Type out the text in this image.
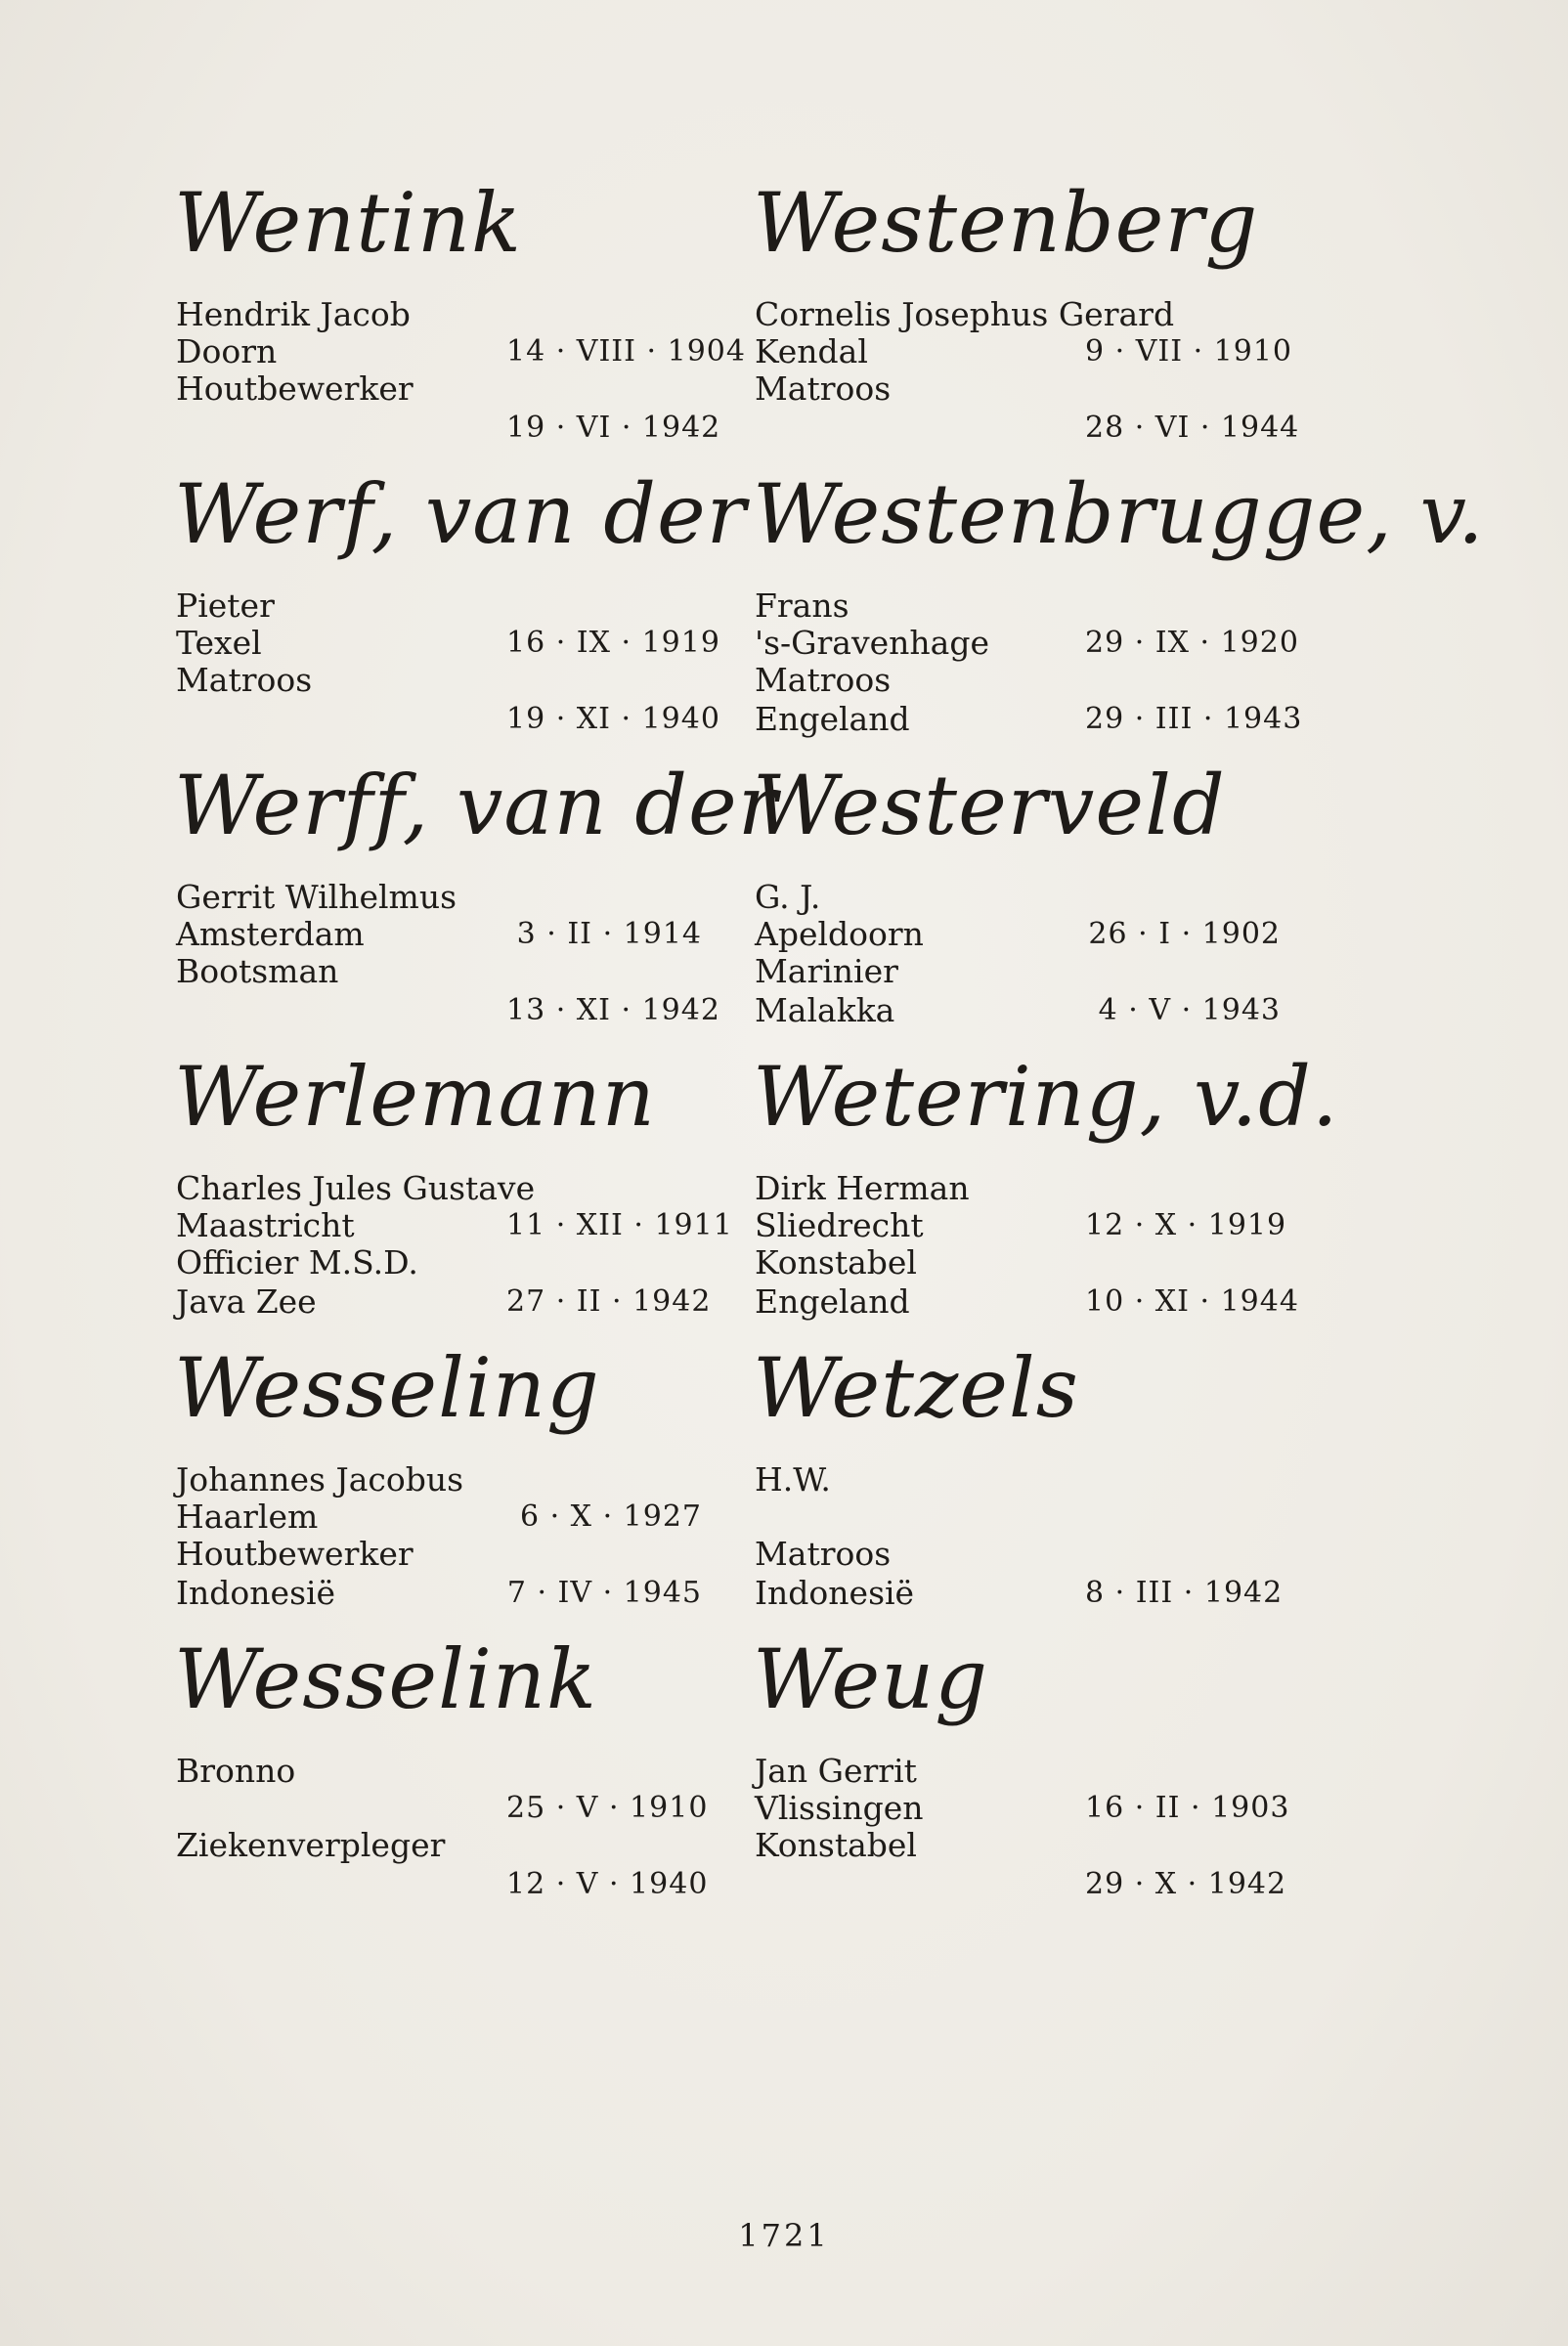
Wentink
Hendrik Jacob
Doorn
Houtbewerker
14 · VIII · 1904
19 · VI · 1942
Werf, van der
Pieter
Texel
Matroos
16 · IX · 1919
19 · XI · 1940
Werff, van der
Gerrit Wilhelmus
Amsterdam
Bootsman
3 · II · 1914
13 · XI · 1942
Werlemann
Charles Jules Gustave
Maastricht
Officier M.S.D.
Java Zee
11 · XII · 1911
27 · II · 1942
Wesseling
Johannes Jacobus
Haarlem
Houtbewerker
Indonesië
6 · X · 1927
7 · IV · 1945
Wesselink
Bronno
Ziekenverpleger
25 · V · 1910
12 · V · 1940
Westenberg
Cornelis Josephus Gerard
Kendal
Matroos
9 · VII · 1910
28 · VI · 1944
Westenbrugge, v.
Frans
's-Gravenhage
Matroos
Engeland
29 · IX · 1920
29 · III · 1943
Westerveld
G. J.
Apeldoorn
Marinier
Malakka
26 · I · 1902
4 · V · 1943
Wetering, v.d.
Dirk Herman
Sliedrecht
Konstabel
Engeland
12 · X · 1919
10 · XI · 1944
Wetzels
H.W.
Matroos
Indonesië	8 · III · 1942
Weug
Jan Gerrit
Vlissingen
Konstabel
16 · II · 1903
29 · X · 1942
1721
